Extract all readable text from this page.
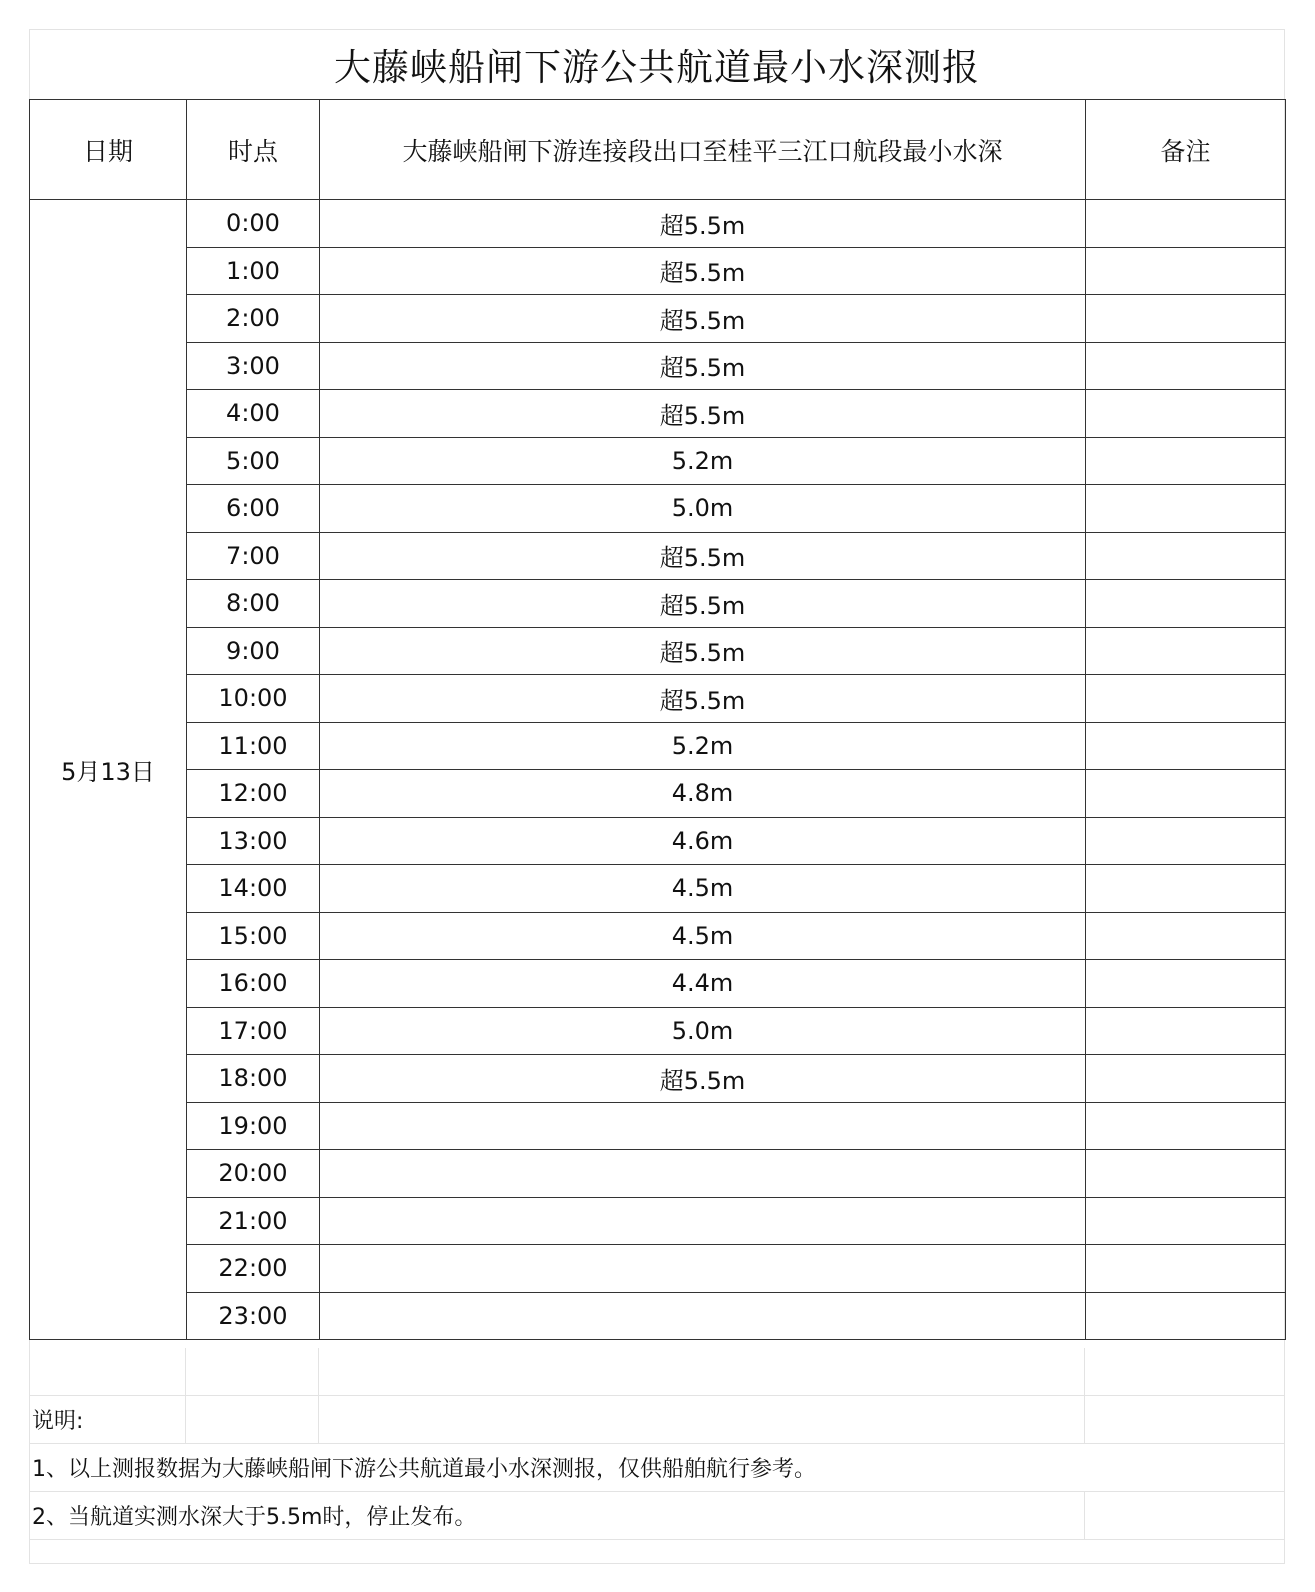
大藤峡船闸下游公共航道最小水深测报
日期	时点	大藤峡船闸下游连接段出口至桂平三江口航段最小水深	备注
5月13日	0:00	超5.5m	
	1:00	超5.5m	
	2:00	超5.5m	
	3:00	超5.5m	
	4:00	超5.5m	
	5:00	5.2m	
	6:00	5.0m	
	7:00	超5.5m	
	8:00	超5.5m	
	9:00	超5.5m	
	10:00	超5.5m	
	11:00	5.2m	
	12:00	4.8m	
	13:00	4.6m	
	14:00	4.5m	
	15:00	4.5m	
	16:00	4.4m	
	17:00	5.0m	
	18:00	超5.5m	
	19:00		
	20:00		
	21:00		
	22:00		
	23:00		
说明:
1、以上测报数据为大藤峡船闸下游公共航道最小水深测报，仅供船舶航行参考。
2、当航道实测水深大于5.5m时，停止发布。
